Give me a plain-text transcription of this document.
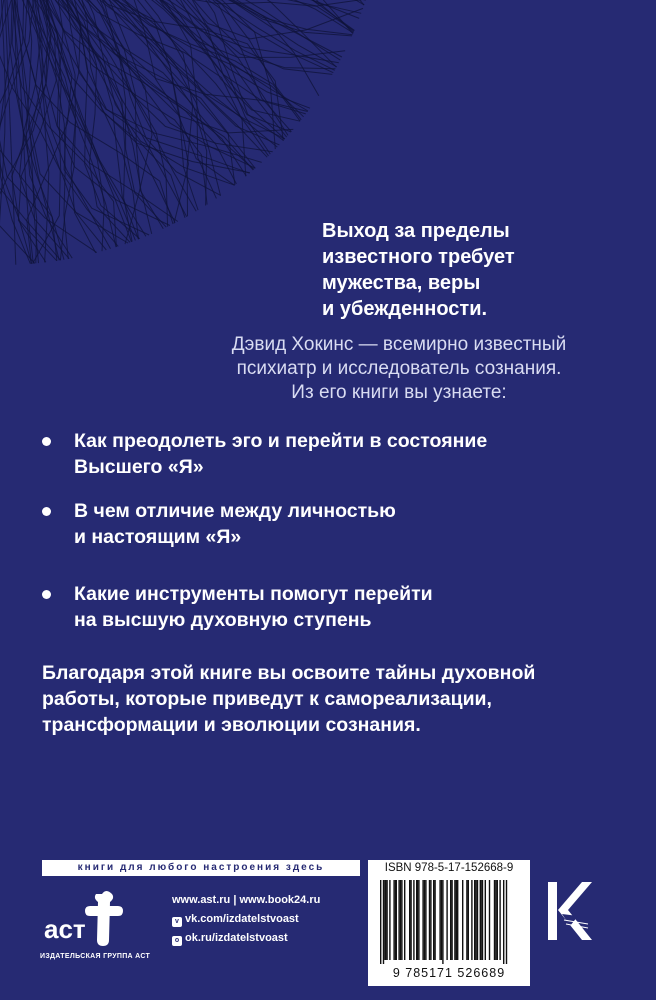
Выход за пределы
известного требует
мужества, веры
и убежденности.
Дэвид Хокинс — всемирно известный
психиатр и исследователь сознания.
Из его книги вы узнаете:
Как преодолеть эго и перейти в состояние
Высшего «Я»
В чем отличие между личностью
и настоящим «Я»
Какие инструменты помогут перейти
на высшую духовную ступень
Благодаря этой книге вы освоите тайны духовной
работы, которые приведут к самореализации,
трансформации и эволюции сознания.
книги для любого настроения здесь
аст
ИЗДАТЕЛЬСКАЯ ГРУППА АСТ
www.ast.ru | www.book24.ru
v vk.com/izdatelstvoast
o ok.ru/izdatelstvoast
ISBN 978-5-17-152668-9
9 785171 526689
